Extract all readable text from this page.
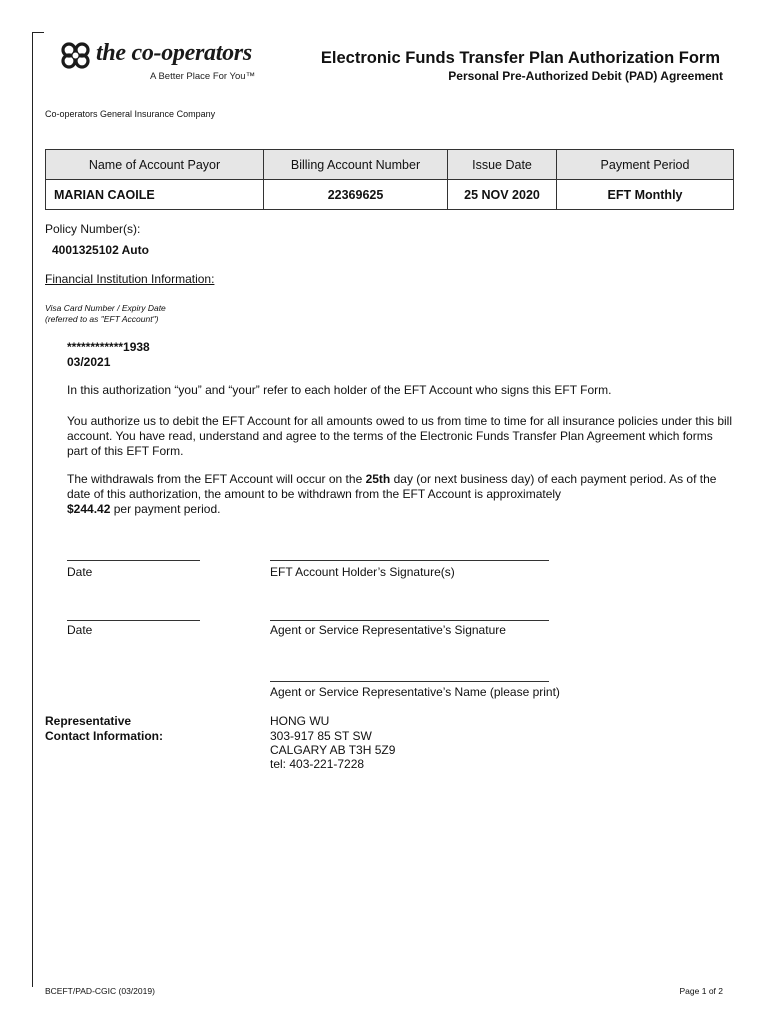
the co-operators
A Better Place For You™
Electronic Funds Transfer Plan Authorization Form
Personal Pre-Authorized Debit (PAD) Agreement
Co-operators General Insurance Company
Name of Account Payor	Billing Account Number	Issue Date	Payment Period
MARIAN CAOILE	22369625	25 NOV 2020	EFT Monthly
Policy Number(s):
4001325102 Auto
Financial Institution Information:
Visa Card Number / Expiry Date
(referred to as "EFT Account")
************1938
03/2021
In this authorization “you” and “your” refer to each holder of the EFT Account who signs this EFT Form.
You authorize us to debit the EFT Account for all amounts owed to us from time to time for all insurance policies under this bill account. You have read, understand and agree to the terms of the Electronic Funds Transfer Plan Agreement which forms part of this EFT Form.
The withdrawals from the EFT Account will occur on the 25th day (or next business day) of each payment period. As of the date of this authorization, the amount to be withdrawn from the EFT Account is approximately
$244.42 per payment period.
Date	EFT Account Holder’s Signature(s)
Date	Agent or Service Representative’s Signature
Agent or Service Representative’s Name (please print)
Representative
Contact Information:
HONG WU
303-917 85 ST SW
CALGARY AB T3H 5Z9
tel: 403-221-7228
BCEFT/PAD-CGIC (03/2019)	Page 1 of 2
